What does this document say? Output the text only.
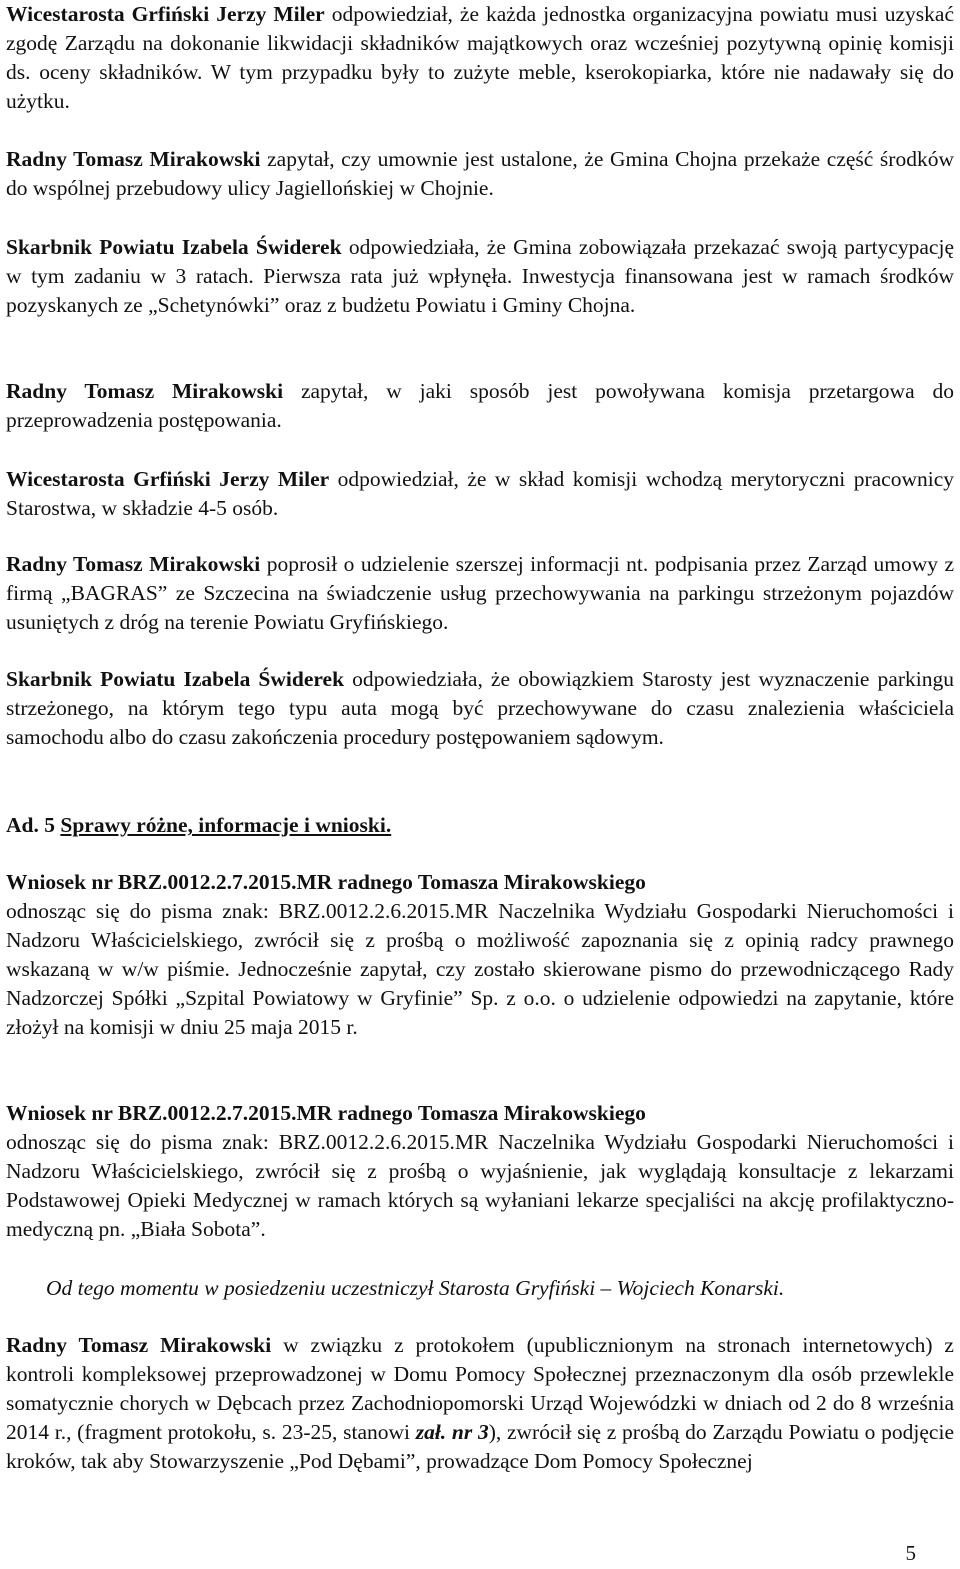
Wicestarosta Grfiński Jerzy Miler odpowiedział, że każda jednostka organizacyjna powiatu musi uzyskać zgodę Zarządu na dokonanie likwidacji składników majątkowych oraz wcześniej pozytywną opinię komisji ds. oceny składników. W tym przypadku były to zużyte meble, kserokopiarka, które nie nadawały się do użytku.

Radny Tomasz Mirakowski zapytał, czy umownie jest ustalone, że Gmina Chojna przekaże część środków do wspólnej przebudowy ulicy Jagiellońskiej w Chojnie.

Skarbnik Powiatu Izabela Świderek odpowiedziała, że Gmina zobowiązała przekazać swoją partycypację w tym zadaniu w 3 ratach. Pierwsza rata już wpłynęła. Inwestycja finansowana jest w ramach środków pozyskanych ze „Schetynówki” oraz z budżetu Powiatu i Gminy Chojna.

Radny Tomasz Mirakowski zapytał, w jaki sposób jest powoływana komisja przetargowa do przeprowadzenia postępowania.

Wicestarosta Grfiński Jerzy Miler odpowiedział, że w skład komisji wchodzą merytoryczni pracownicy Starostwa, w składzie 4-5 osób.

Radny Tomasz Mirakowski poprosił o udzielenie szerszej informacji nt. podpisania przez Zarząd umowy z firmą „BAGRAS” ze Szczecina na świadczenie usług przechowywania na parkingu strzeżonym pojazdów usuniętych z dróg na terenie Powiatu Gryfińskiego.

Skarbnik Powiatu Izabela Świderek odpowiedziała, że obowiązkiem Starosty jest wyznaczenie parkingu strzeżonego, na którym tego typu auta mogą być przechowywane do czasu znalezienia właściciela samochodu albo do czasu zakończenia procedury postępowaniem sądowym.

Ad. 5 Sprawy różne, informacje i wnioski.

Wniosek nr BRZ.0012.2.7.2015.MR radnego Tomasza Mirakowskiego

odnosząc się do pisma znak: BRZ.0012.2.6.2015.MR Naczelnika Wydziału Gospodarki Nieruchomości i Nadzoru Właścicielskiego, zwrócił się z prośbą o możliwość zapoznania się z opinią radcy prawnego wskazaną w w/w piśmie. Jednocześnie zapytał, czy zostało skierowane pismo do przewodniczącego Rady Nadzorczej Spółki „Szpital Powiatowy w Gryfinie” Sp. z o.o. o udzielenie odpowiedzi na zapytanie, które złożył na komisji w dniu 25 maja 2015 r.

Wniosek nr BRZ.0012.2.7.2015.MR radnego Tomasza Mirakowskiego

odnosząc się do pisma znak: BRZ.0012.2.6.2015.MR Naczelnika Wydziału Gospodarki Nieruchomości i Nadzoru Właścicielskiego, zwrócił się z prośbą o wyjaśnienie, jak wyglądają konsultacje z lekarzami Podstawowej Opieki Medycznej w ramach których są wyłaniani lekarze specjaliści na akcję profilaktyczno-medyczną pn. „Biała Sobota”.

Od tego momentu w posiedzeniu uczestniczył Starosta Gryfiński – Wojciech Konarski.

Radny Tomasz Mirakowski w związku z protokołem (upublicznionym na stronach internetowych) z kontroli kompleksowej przeprowadzonej w Domu Pomocy Społecznej przeznaczonym dla osób przewlekle somatycznie chorych w Dębcach przez Zachodniopomorski Urząd Wojewódzki w dniach od 2 do 8 września 2014 r., (fragment protokołu, s. 23-25, stanowi zał. nr 3), zwrócił się z prośbą do Zarządu Powiatu o podjęcie kroków, tak aby Stowarzyszenie „Pod Dębami”, prowadzące Dom Pomocy Społecznej

5
